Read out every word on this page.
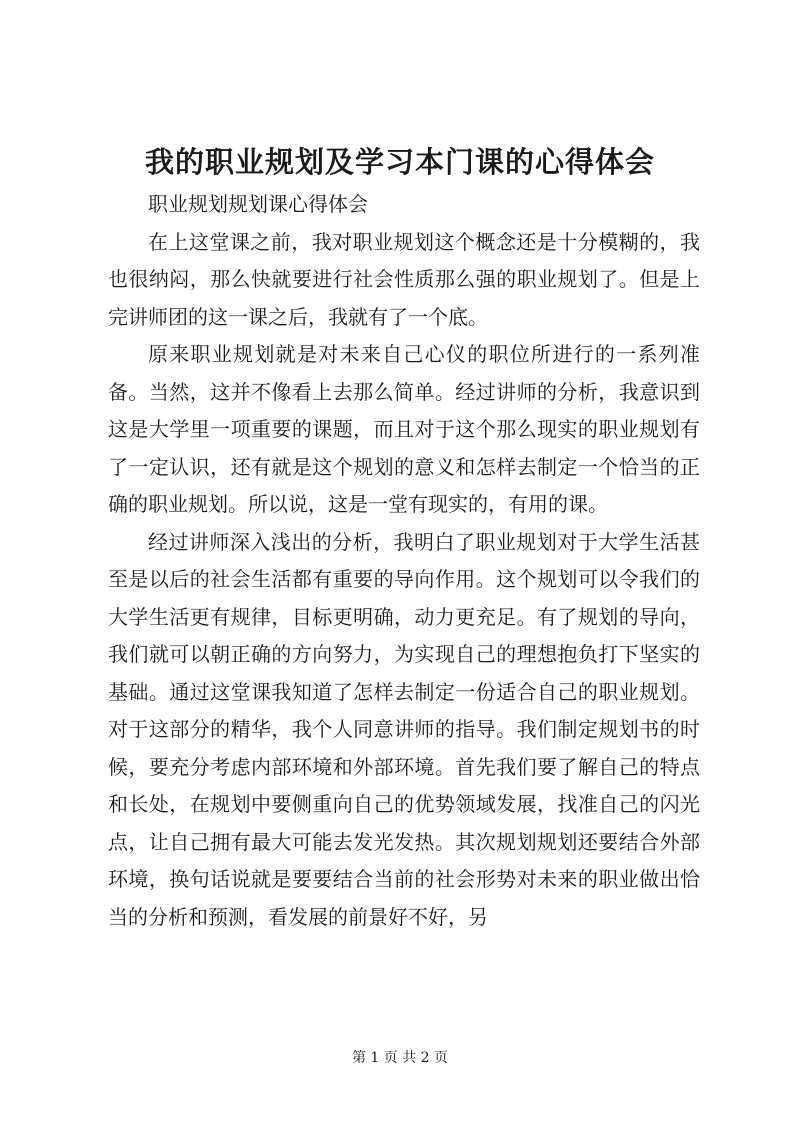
我的职业规划及学习本门课的心得体会

职业规划规划课心得体会

在上这堂课之前，我对职业规划这个概念还是十分模糊的，我也很纳闷，那么快就要进行社会性质那么强的职业规划了。但是上完讲师团的这一课之后，我就有了一个底。

原来职业规划就是对未来自己心仪的职位所进行的一系列准备。当然，这并不像看上去那么简单。经过讲师的分析，我意识到这是大学里一项重要的课题，而且对于这个那么现实的职业规划有了一定认识，还有就是这个规划的意义和怎样去制定一个恰当的正确的职业规划。所以说，这是一堂有现实的，有用的课。

经过讲师深入浅出的分析，我明白了职业规划对于大学生活甚至是以后的社会生活都有重要的导向作用。这个规划可以令我们的大学生活更有规律，目标更明确，动力更充足。有了规划的导向，我们就可以朝正确的方向努力，为实现自己的理想抱负打下坚实的基础。通过这堂课我知道了怎样去制定一份适合自己的职业规划。对于这部分的精华，我个人同意讲师的指导。我们制定规划书的时候，要充分考虑内部环境和外部环境。首先我们要了解自己的特点和长处，在规划中要侧重向自己的优势领域发展，找准自己的闪光点，让自己拥有最大可能去发光发热。其次规划规划还要结合外部环境，换句话说就是要要结合当前的社会形势对未来的职业做出恰当的分析和预测，看发展的前景好不好，另

第 1 页 共 2 页
